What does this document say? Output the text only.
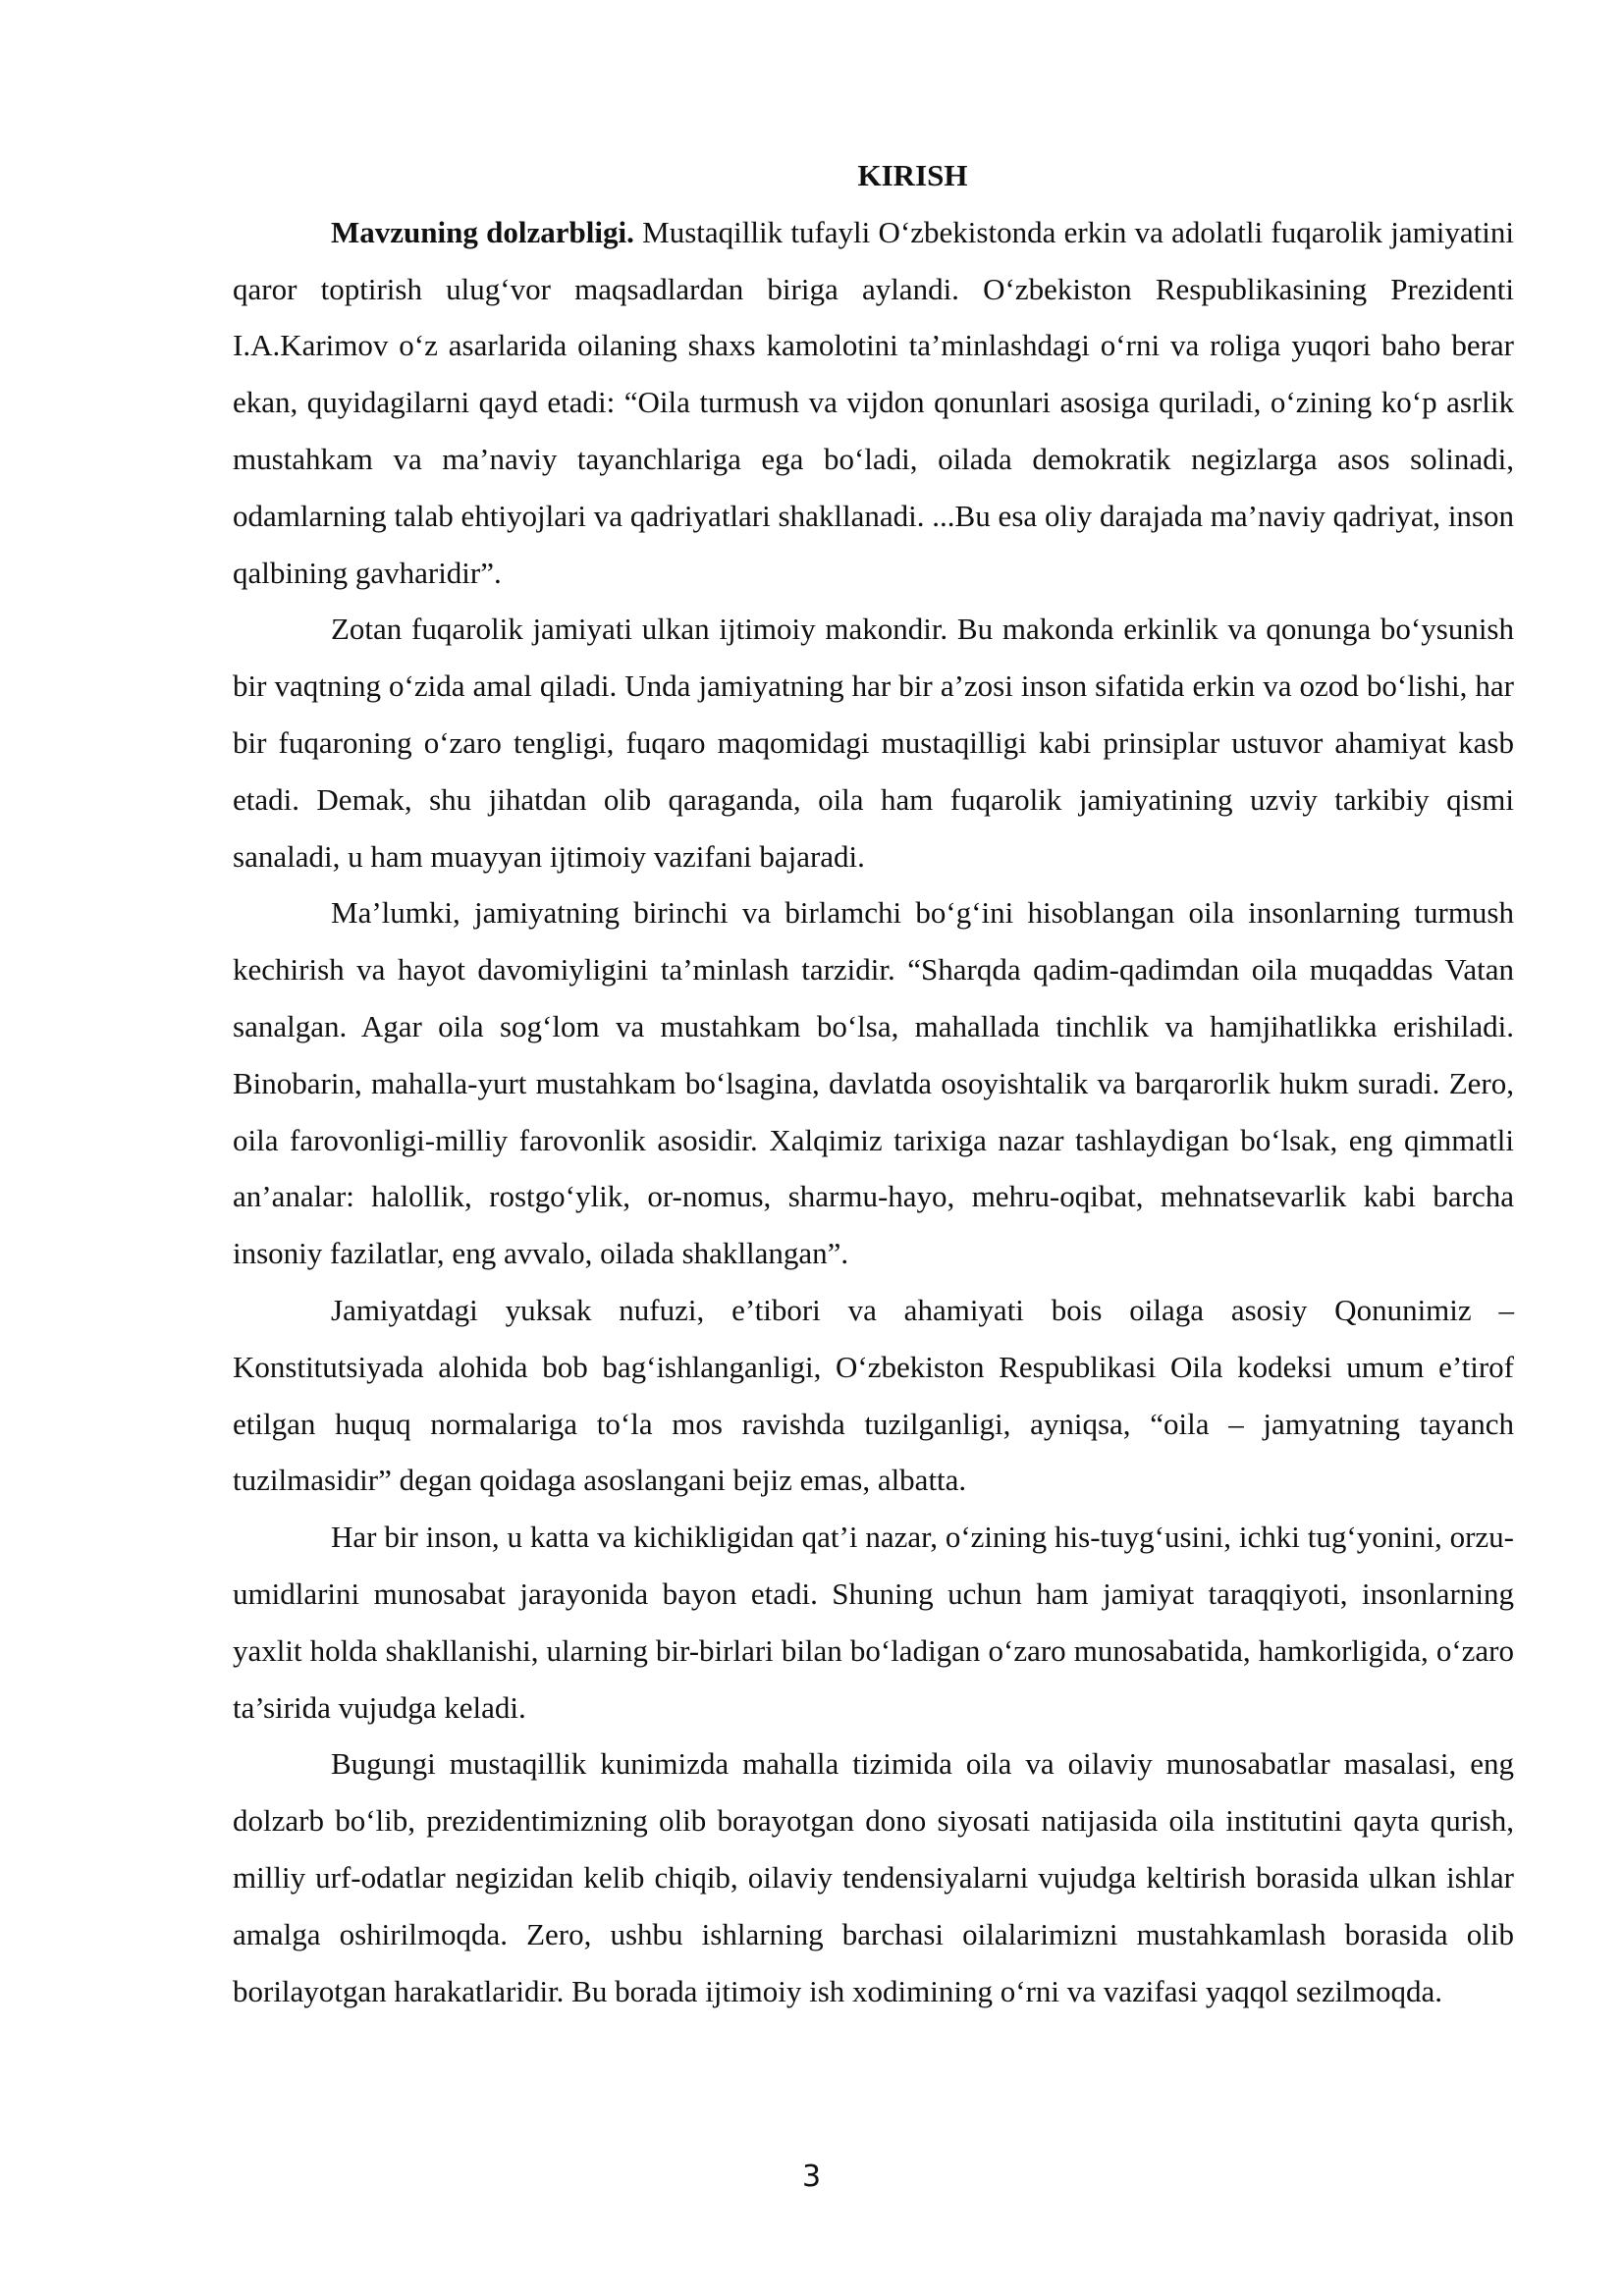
KIRISH

Mavzuning dolzarbligi. Mustaqillik tufayli O‘zbekistonda erkin va adolatli fuqarolik jamiyatini qaror toptirish ulug‘vor maqsadlardan biriga aylandi. O‘zbekiston Respublikasining Prezidenti I.A.Karimov o‘z asarlarida oilaning shaxs kamolotini ta’minlashdagi o‘rni va roliga yuqori baho berar ekan, quyidagilarni qayd etadi: “Oila turmush va vijdon qonunlari asosiga quriladi, o‘zining ko‘p asrlik mustahkam va ma’naviy tayanchlariga ega bo‘ladi, oilada demokratik negizlarga asos solinadi, odamlarning talab ehtiyojlari va qadriyatlari shakllanadi. ...Bu esa oliy darajada ma’naviy qadriyat, inson qalbining gavharidir”.

Zotan fuqarolik jamiyati ulkan ijtimoiy makondir. Bu makonda erkinlik va qonunga bo‘ysunish bir vaqtning o‘zida amal qiladi. Unda jamiyatning har bir a’zosi inson sifatida erkin va ozod bo‘lishi, har bir fuqaroning o‘zaro tengligi, fuqaro maqomidagi mustaqilligi kabi prinsiplar ustuvor ahamiyat kasb etadi. Demak, shu jihatdan olib qaraganda, oila ham fuqarolik jamiyatining uzviy tarkibiy qismi sanaladi, u ham muayyan ijtimoiy vazifani bajaradi.

Ma’lumki, jamiyatning birinchi va birlamchi bo‘g‘ini hisoblangan oila insonlarning turmush kechirish va hayot davomiyligini ta’minlash tarzidir. “Sharqda qadim-qadimdan oila muqaddas Vatan sanalgan. Agar oila sog‘lom va mustahkam bo‘lsa, mahallada tinchlik va hamjihatlikka erishiladi. Binobarin, mahalla-yurt mustahkam bo‘lsagina, davlatda osoyishtalik va barqarorlik hukm suradi. Zero, oila farovonligi-milliy farovonlik asosidir. Xalqimiz tarixiga nazar tashlaydigan bo‘lsak, eng qimmatli an’analar: halollik, rostgo‘ylik, or-nomus, sharmu-hayo, mehru-oqibat, mehnatsevarlik kabi barcha insoniy fazilatlar, eng avvalo, oilada shakllangan”.

Jamiyatdagi yuksak nufuzi, e’tibori va ahamiyati bois oilaga asosiy Qonunimiz – Konstitutsiyada alohida bob bag‘ishlanganligi, O‘zbekiston Respublikasi Oila kodeksi umum e’tirof etilgan huquq normalariga to‘la mos ravishda tuzilganligi, ayniqsa, “oila – jamyatning tayanch tuzilmasidir” degan qoidaga asoslangani bejiz emas, albatta.

Har bir inson, u katta va kichikligidan qat’i nazar, o‘zining his-tuyg‘usini, ichki tug‘yonini, orzu-umidlarini munosabat jarayonida bayon etadi. Shuning uchun ham jamiyat taraqqiyoti, insonlarning yaxlit holda shakllanishi, ularning bir-birlari bilan bo‘ladigan o‘zaro munosabatida, hamkorligida, o‘zaro ta’sirida vujudga keladi.

Bugungi mustaqillik kunimizda mahalla tizimida oila va oilaviy munosabatlar masalasi, eng dolzarb bo‘lib, prezidentimizning olib borayotgan dono siyosati natijasida oila institutini qayta qurish, milliy urf-odatlar negizidan kelib chiqib, oilaviy tendensiyalarni vujudga keltirish borasida ulkan ishlar amalga oshirilmoqda. Zero, ushbu ishlarning barchasi oilalarimizni mustahkamlash borasida olib borilayotgan harakatlaridir. Bu borada ijtimoiy ish xodimining o‘rni va vazifasi yaqqol sezilmoqda.

3
